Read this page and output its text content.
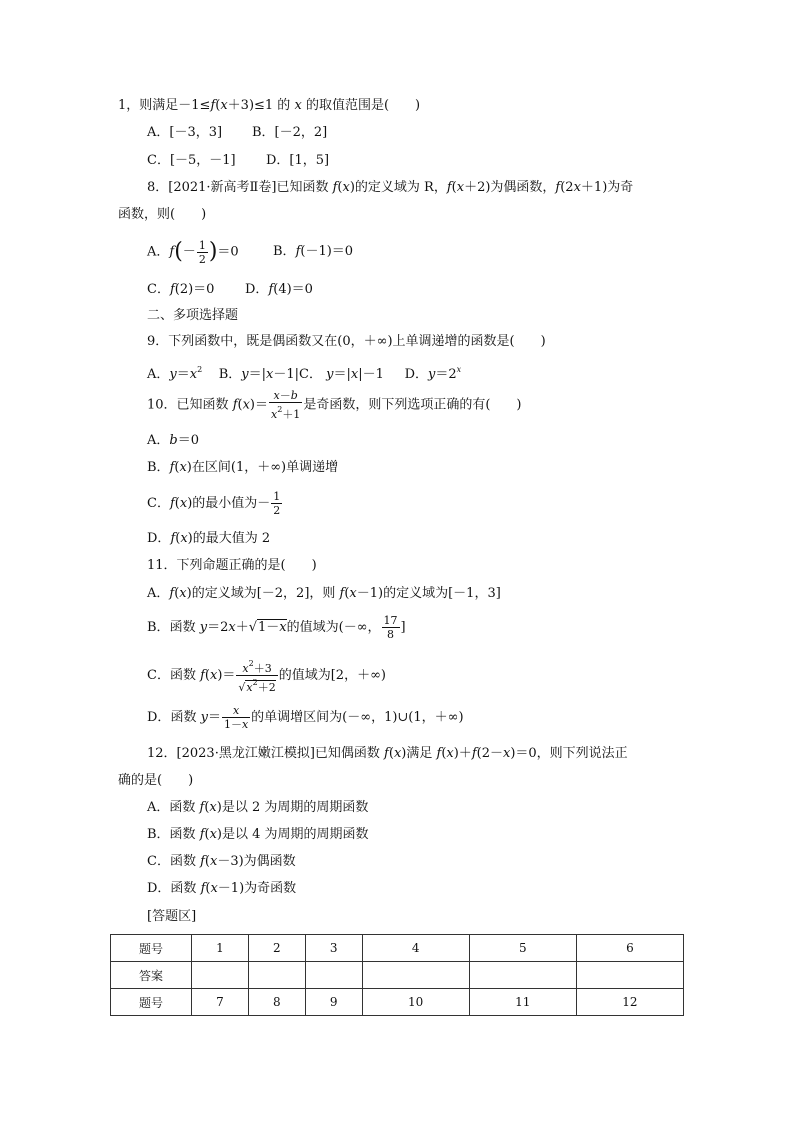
1，则满足－1≤f(x＋3)≤1 的 x 的取值范围是(　　)
A．[－3，3] B．[－2，2]
C．[－5，－1] D．[1，5]
8．[2021·新高考Ⅱ卷]已知函数 f(x)的定义域为 R，f(x＋2)为偶函数，f(2x＋1)为奇
函数，则(　　)
A．$f(- \frac{1}{2} )=0$	B．f(－1)＝0
C．f(2)＝0 D．f(4)＝0
二、多项选择题
9．下列函数中，既是偶函数又在(0，＋∞)上单调递增的函数是(　　)
A．$y=x^2$ B．y＝|x－1|C． y＝|x|－1 D．$y=2^x$
10．已知函数 $f(x)= \frac{x-b}{x^2+1}$ 是奇函数，则下列选项正确的有(　　)
A．b＝0
B．f(x)在区间(1，＋∞)单调递增
C．f(x)的最小值为－ $\frac{1}{2}$
D．f(x)的最大值为 2
11．下列命题正确的是(　　)
A．f(x)的定义域为[－2，2]，则 f(x－1)的定义域为[－1，3]
B．函数 y＝2x＋√1－x的值域为(－∞， $\frac{17}{8}$ ]
C．函数 $f(x)= \frac{x^2+3}{√x^2+2}$ 的值域为[2，＋∞)
D．函数 $y= \frac{x}{1-x}$ 的单调增区间为(－∞，1)∪(1，＋∞)
12．[2023·黑龙江嫩江模拟]已知偶函数 f(x)满足 f(x)＋f(2－x)＝0，则下列说法正
确的是(　　)
A．函数 f(x)是以 2 为周期的周期函数
B．函数 f(x)是以 4 为周期的周期函数
C．函数 f(x－3)为偶函数
D．函数 f(x－1)为奇函数
[答题区]
题号	1	2	3	4	5	6
答案						
题号	7	8	9	10	11	12
